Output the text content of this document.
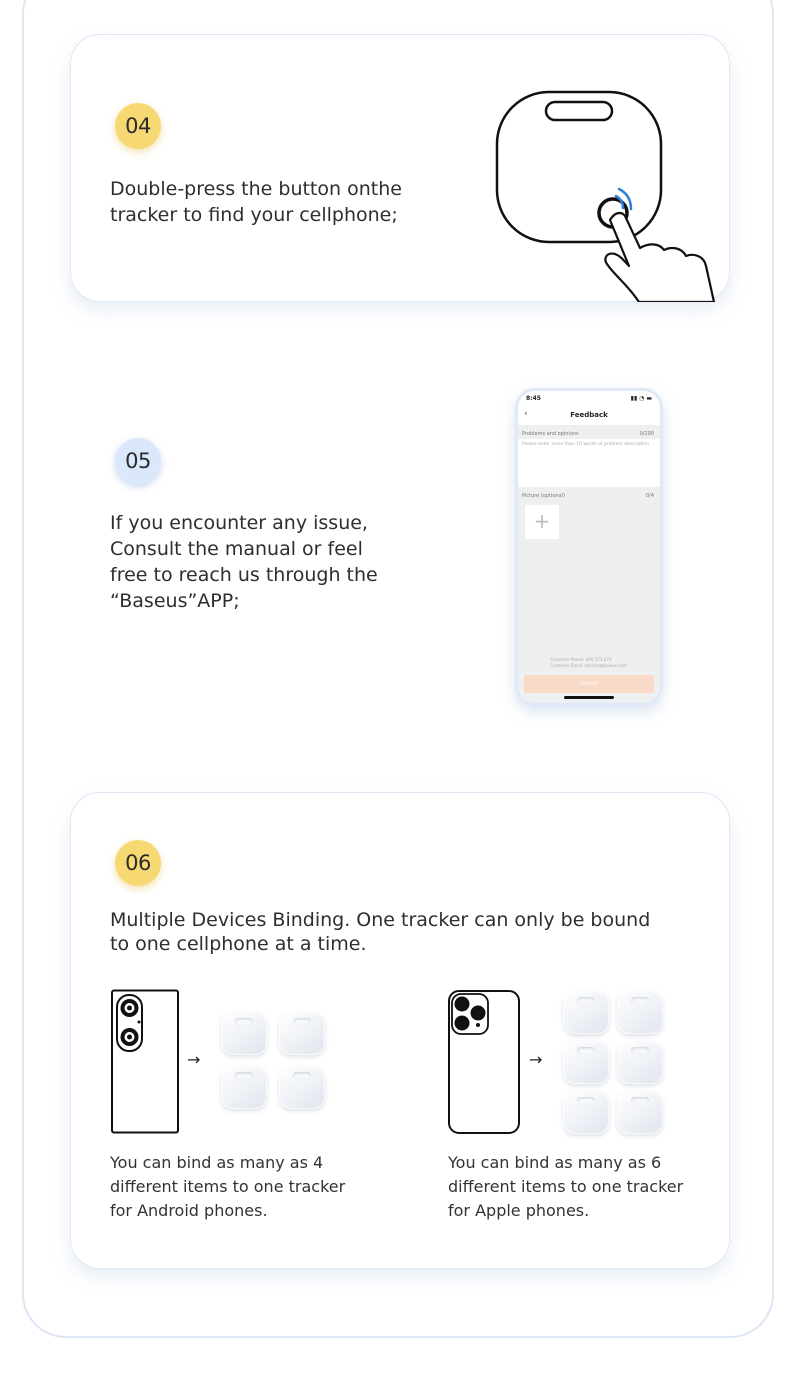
04

Double-press the button onthe
tracker to find your cellphone;

05

If you encounter any issue,
Consult the manual or feel
free to reach us through the
“Baseus”APP;

8:45	▮▮ ◔ ▬
‹	Feedback
Problems and opinions	0/200
Please enter more than 10 words of problem description
Picture (optional)	0/4
+
Customer Phone: 400-171-270
Customer Email: service@baseus.com
Submit
06

Multiple Devices Binding. One tracker can only be bound
to one cellphone at a time.

→

You can bind as many as 4
different items to one tracker
for Android phones.

→

You can bind as many as 6
different items to one tracker
for Apple phones.
